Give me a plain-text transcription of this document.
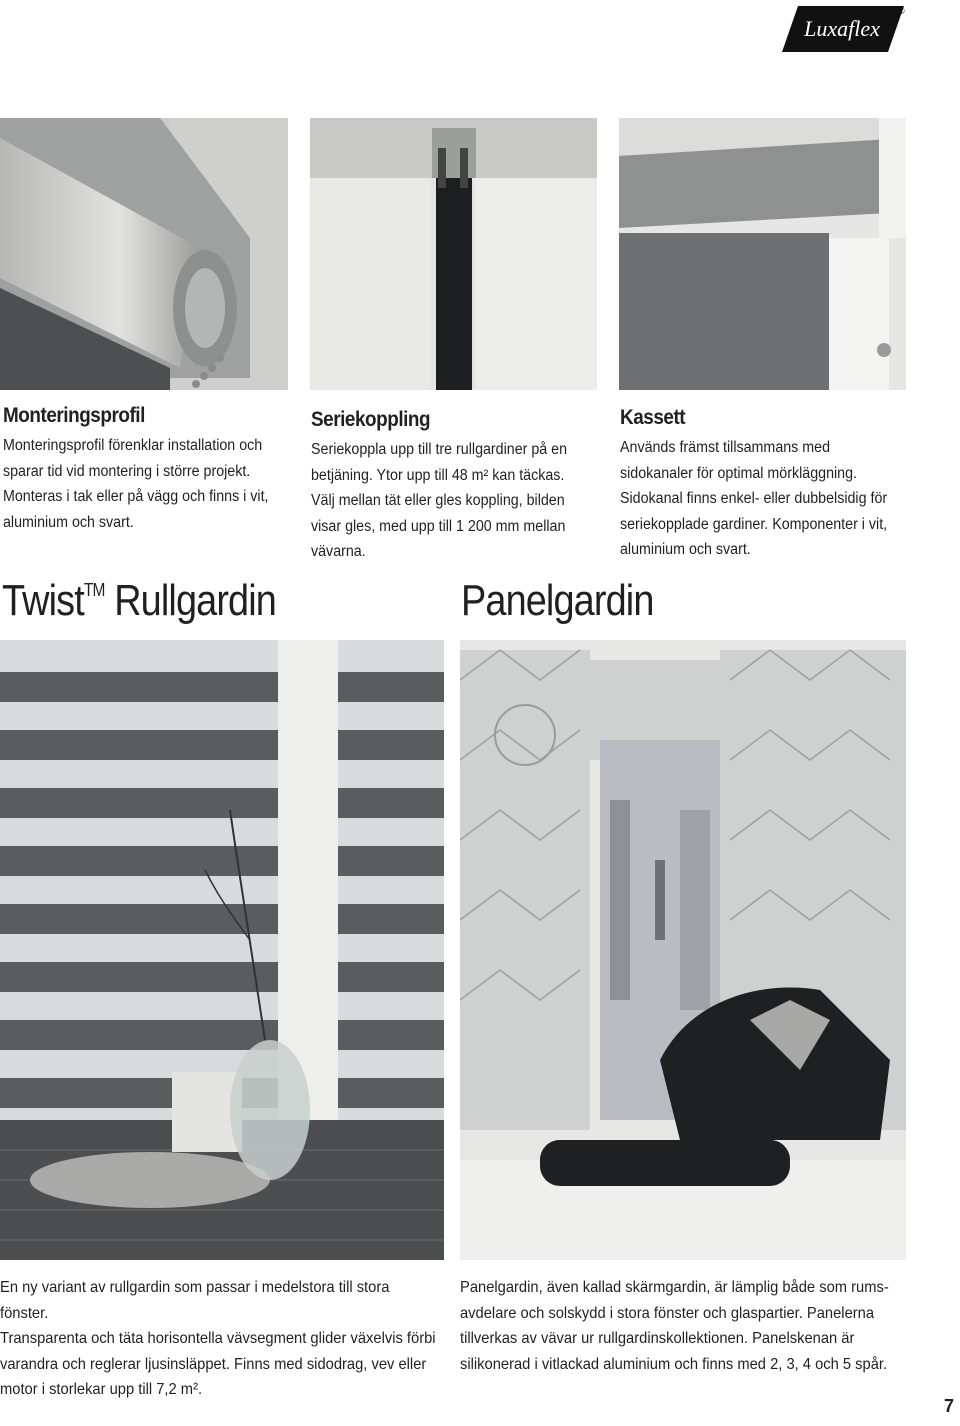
Luxaflex
®
Monteringsprofil

Monteringsprofil förenklar installation och
sparar tid vid montering i större projekt.
Monteras i tak eller på vägg och finns i vit,
aluminium och svart.

Seriekoppling

Seriekoppla upp till tre rullgardiner på en
betjäning. Ytor upp till 48 m² kan täckas.
Välj mellan tät eller gles koppling, bilden
visar gles, med upp till 1 200 mm mellan
vävarna.

Kassett

Används främst tillsammans med
sidokanaler för optimal mörkläggning.
Sidokanal finns enkel- eller dubbelsidig för
seriekopplade gardiner. Komponenter i vit,
aluminium och svart.

Twist™ Rullgardin	Panelgardin

En ny variant av rullgardin som passar i medelstora till stora fönster.
Transparenta och täta horisontella vävsegment glider växelvis förbi
varandra och reglerar ljusinsläppet. Finns med sidodrag, vev eller
motor i storlekar upp till 7,2 m².

Panelgardin, även kallad skärmgardin, är lämplig både som rums-
avdelare och solskydd i stora fönster och glaspartier. Panelerna
tillverkas av vävar ur rullgardinskollektionen. Panelskenan är
silikonerad i vitlackad aluminium och finns med 2, 3, 4 och 5 spår.

7
